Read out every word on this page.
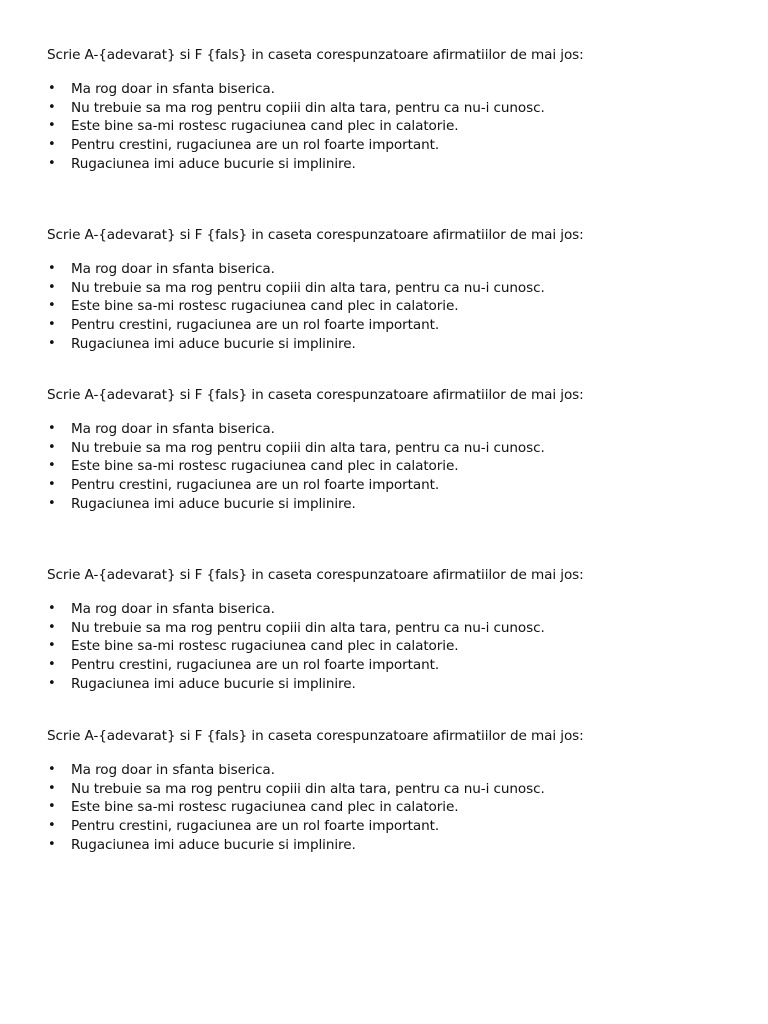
Scrie A-{adevarat} si F {fals} in caseta corespunzatoare afirmatiilor de mai jos:

• Ma rog doar in sfanta biserica.
• Nu trebuie sa ma rog pentru copiii din alta tara, pentru ca nu-i cunosc.
• Este bine sa-mi rostesc rugaciunea cand plec in calatorie.
• Pentru crestini, rugaciunea are un rol foarte important.
• Rugaciunea imi aduce bucurie si implinire.

Scrie A-{adevarat} si F {fals} in caseta corespunzatoare afirmatiilor de mai jos:

• Ma rog doar in sfanta biserica.
• Nu trebuie sa ma rog pentru copiii din alta tara, pentru ca nu-i cunosc.
• Este bine sa-mi rostesc rugaciunea cand plec in calatorie.
• Pentru crestini, rugaciunea are un rol foarte important.
• Rugaciunea imi aduce bucurie si implinire.

Scrie A-{adevarat} si F {fals} in caseta corespunzatoare afirmatiilor de mai jos:

• Ma rog doar in sfanta biserica.
• Nu trebuie sa ma rog pentru copiii din alta tara, pentru ca nu-i cunosc.
• Este bine sa-mi rostesc rugaciunea cand plec in calatorie.
• Pentru crestini, rugaciunea are un rol foarte important.
• Rugaciunea imi aduce bucurie si implinire.

Scrie A-{adevarat} si F {fals} in caseta corespunzatoare afirmatiilor de mai jos:

• Ma rog doar in sfanta biserica.
• Nu trebuie sa ma rog pentru copiii din alta tara, pentru ca nu-i cunosc.
• Este bine sa-mi rostesc rugaciunea cand plec in calatorie.
• Pentru crestini, rugaciunea are un rol foarte important.
• Rugaciunea imi aduce bucurie si implinire.

Scrie A-{adevarat} si F {fals} in caseta corespunzatoare afirmatiilor de mai jos:

• Ma rog doar in sfanta biserica.
• Nu trebuie sa ma rog pentru copiii din alta tara, pentru ca nu-i cunosc.
• Este bine sa-mi rostesc rugaciunea cand plec in calatorie.
• Pentru crestini, rugaciunea are un rol foarte important.
• Rugaciunea imi aduce bucurie si implinire.
